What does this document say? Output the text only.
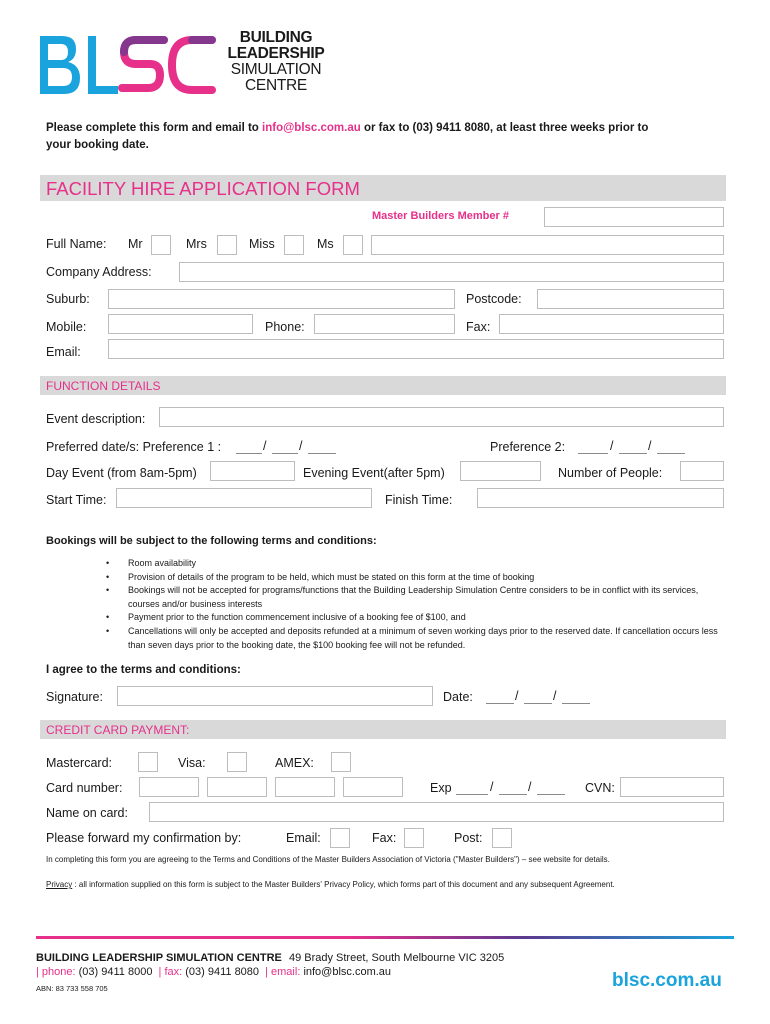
BUILDING
LEADERSHIP
SIMULATION
CENTRE
Please complete this form and email to info@blsc.com.au or fax to (03) 9411 8080, at least three weeks prior to
your booking date.
FACILITY HIRE APPLICATION FORM
Master Builders Member #
Full Name: Mr	Mrs	Miss	Ms
Company Address:
Suburb:	Postcode:
Mobile:	Phone:	Fax:
Email:
FUNCTION DETAILS
Event description:
Preferred date/s: Preference 1 :	/	/	Preference 2:	/	/
Day Event (from 8am-5pm)	Evening Event(after 5pm)	Number of People:
Start Time:	Finish Time:
Bookings will be subject to the following terms and conditions:
• Room availability
• Provision of details of the program to be held, which must be stated on this form at the time of booking
• Bookings will not be accepted for programs/functions that the Building Leadership Simulation Centre considers to be in conflict with its services, courses and/or business interests
• Payment prior to the function commencement inclusive of a booking fee of $100, and
• Cancellations will only be accepted and deposits refunded at a minimum of seven working days prior to the reserved date. If cancellation occurs less than seven days prior to the booking date, the $100 booking fee will not be refunded.
I agree to the terms and conditions:
Signature:	Date:	/	/
CREDIT CARD PAYMENT:
Mastercard:	Visa:	AMEX:
Card number:	Exp	/	/	CVN:
Name on card:
Please forward my confirmation by:	Email:	Fax:	Post:
In completing this form you are agreeing to the Terms and Conditions of the Master Builders Association of Victoria ("Master Builders") – see website for details.
Privacy : all information supplied on this form is subject to the Master Builders' Privacy Policy, which forms part of this document and any subsequent Agreement.
BUILDING LEADERSHIP SIMULATION CENTRE 49 Brady Street, South Melbourne VIC 3205
| phone: (03) 9411 8000 | fax: (03) 9411 8080 | email: info@blsc.com.au
ABN: 83 733 558 705	blsc.com.au
